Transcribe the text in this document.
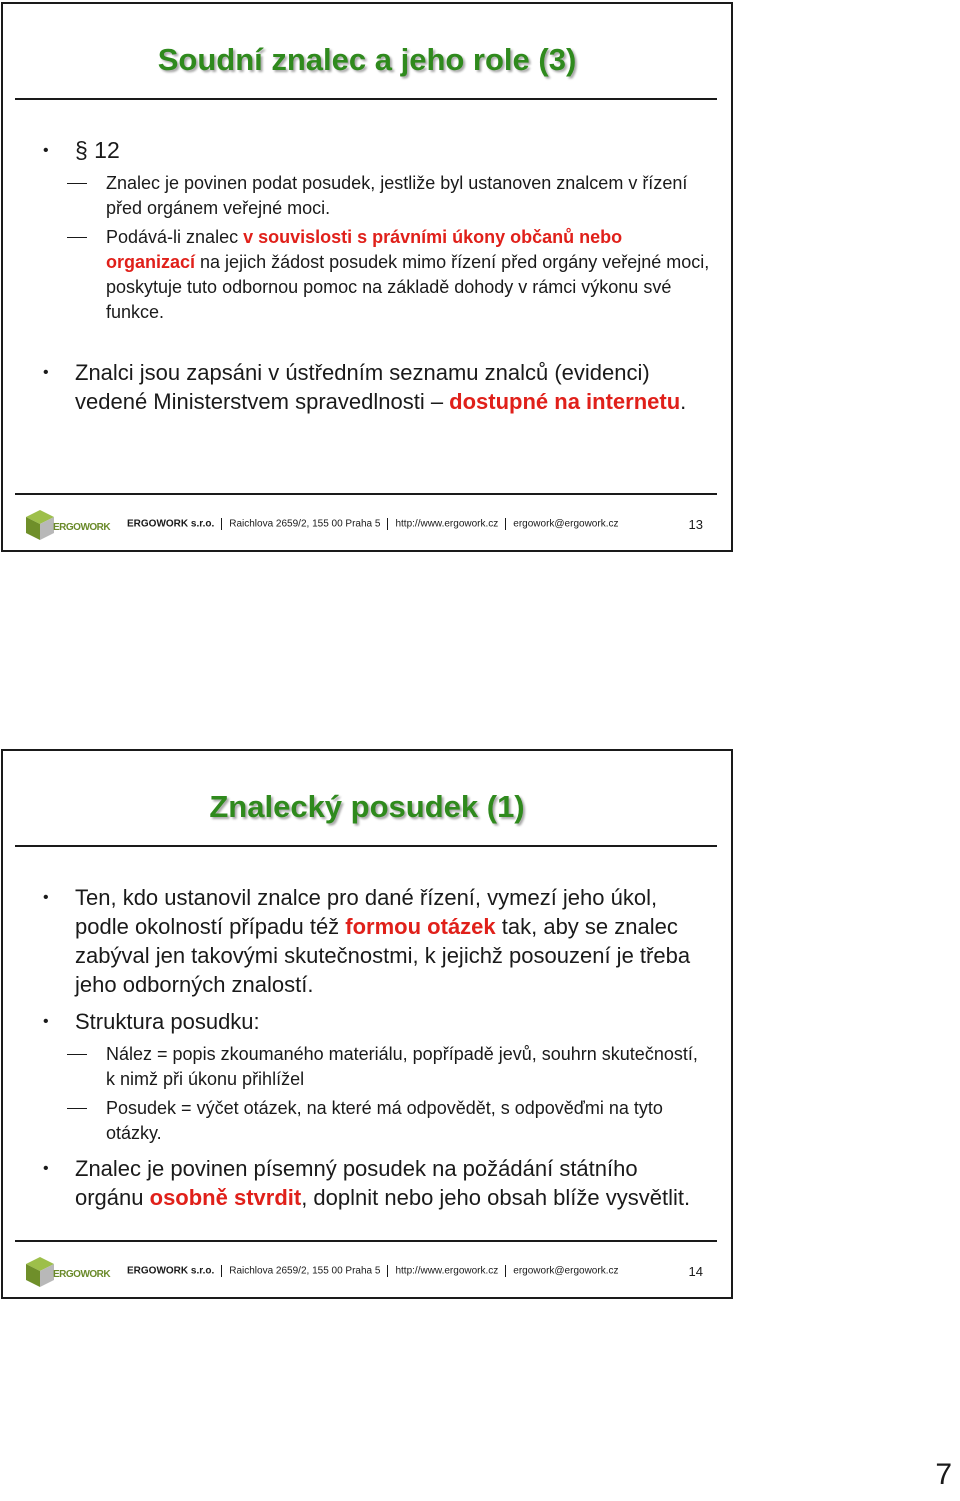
Soudní znalec a jeho role (3)
• § 12
Znalec je povinen podat posudek, jestliže byl ustanoven znalcem v řízení před orgánem veřejné moci.
Podává-li znalec v souvislosti s právními úkony občanů nebo organizací na jejich žádost posudek mimo řízení před orgány veřejné moci, poskytuje tuto odbornou pomoc na základě dohody v rámci výkonu své funkce.
• Znalci jsou zapsáni v ústředním seznamu znalců (evidenci) vedené Ministerstvem spravedlnosti – dostupné na internetu.
ERGOWORK ERGOWORK s.r.o. Raichlova 2659/2, 155 00 Praha 5 http://www.ergowork.cz ergowork@ergowork.cz	13
Znalecký posudek (1)
• Ten, kdo ustanovil znalce pro dané řízení, vymezí jeho úkol, podle okolností případu též formou otázek tak, aby se znalec zabýval jen takovými skutečnostmi, k jejichž posouzení je třeba jeho odborných znalostí.
• Struktura posudku:
Nález = popis zkoumaného materiálu, popřípadě jevů, souhrn skutečností, k nimž při úkonu přihlížel
Posudek = výčet otázek, na které má odpovědět, s odpověďmi na tyto otázky.
• Znalec je povinen písemný posudek na požádání státního orgánu osobně stvrdit, doplnit nebo jeho obsah blíže vysvětlit.
ERGOWORK ERGOWORK s.r.o. Raichlova 2659/2, 155 00 Praha 5 http://www.ergowork.cz ergowork@ergowork.cz	14
7
